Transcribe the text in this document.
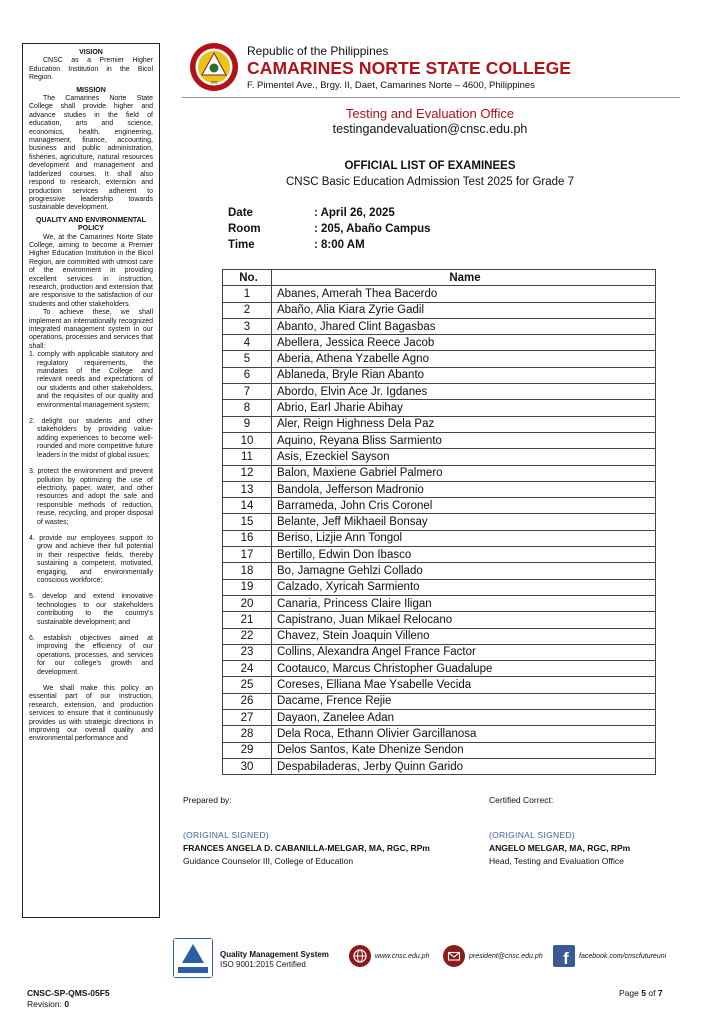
VISION

CNSC as a Premier Higher Education Institution in the Bicol Region.

MISSION

The Camarines Norte State College shall provide higher and advance studies in the field of education, arts and science, economics, health, engineering, management, finance, accounting, business and public administration, fisheries, agriculture, natural resources development and management and ladderized courses. It shall also respond to research, extension and production services adherent to progressive leadership towards sustainable development.

QUALITY AND ENVIRONMENTAL POLICY

We, at the Camarines Norte State College, aiming to become a Premier Higher Education Institution in the Bicol Region, are committed with utmost care of the environment in providing excellent services in instruction, research, production and extension that are responsive to the satisfaction of our students and other stakeholders.

To achieve these, we shall implement an internationally recognized integrated management system in our operations, processes and services that shall:

1. comply with applicable statutory and regulatory requirements, the mandates of the College and relevant needs and expectations of our students and other stakeholders, and the requisites of our quality and environmental management system;
2. delight our students and other stakeholders by providing value-adding experiences to become well-rounded and more competitive future leaders in the midst of global issues;
3. protect the environment and prevent pollution by optimizing the use of electricity, paper, water, and other resources and adopt the safe and responsible methods of reduction, reuse, recycling, and proper disposal of wastes;
4. provide our employees support to grow and achieve their full potential in their respective fields, thereby sustaining a competent, motivated, engaging, and environmentally conscious workforce;
5. develop and extend innovative technologies to our stakeholders contributing to the country's sustainable development; and
6. establish objectives aimed at improving the efficiency of our operations, processes, and services for our college's growth and development.

We shall make this policy an essential part of our instruction, research, extension, and production services to ensure that it continuously provides us with strategic directions in improving our overall quality and environmental performance and

1992
Republic of the Philippines
CAMARINES NORTE STATE COLLEGE
F. Pimentel Ave., Brgy. II, Daet, Camarines Norte – 4600, Philippines
Testing and Evaluation Office
testingandevaluation@cnsc.edu.ph
OFFICIAL LIST OF EXAMINEES
CNSC Basic Education Admission Test 2025 for Grade 7
Date	: April 26, 2025
Room	: 205, Abaño Campus
Time	: 8:00 AM
No.	Name
1	Abanes, Amerah Thea Bacerdo
2	Abaño, Alia Kiara Zyrie Gadil
3	Abanto, Jhared Clint Bagasbas
4	Abellera, Jessica Reece Jacob
5	Aberia, Athena Yzabelle Agno
6	Ablaneda, Bryle Rian Abanto
7	Abordo, Elvin Ace Jr. Igdanes
8	Abrio, Earl Jharie Abihay
9	Aler, Reign Highness Dela Paz
10	Aquino, Reyana Bliss Sarmiento
11	Asis, Ezeckiel Sayson
12	Balon, Maxiene Gabriel Palmero
13	Bandola, Jefferson Madronio
14	Barrameda, John Cris Coronel
15	Belante, Jeff Mikhaeil Bonsay
16	Beriso, Lizjie Ann Tongol
17	Bertillo, Edwin Don Ibasco
18	Bo, Jamagne Gehlzi Collado
19	Calzado, Xyricah Sarmiento
20	Canaria, Princess Claire Iligan
21	Capistrano, Juan Mikael Relocano
22	Chavez, Stein Joaquin Villeno
23	Collins, Alexandra Angel France Factor
24	Cootauco, Marcus Christopher Guadalupe
25	Coreses, Elliana Mae Ysabelle Vecida
26	Dacame, Frence Rejie
27	Dayaon, Zanelee Adan
28	Dela Roca, Ethann Olivier Garcillanosa
29	Delos Santos, Kate Dhenize Sendon
30	Despabiladeras, Jerby Quinn Garido
Prepared by:
(ORIGINAL SIGNED)
FRANCES ANGELA D. CABANILLA-MELGAR, MA, RGC, RPm
Guidance Counselor III, College of Education
Certified Correct:
(ORIGINAL SIGNED)
ANGELO MELGAR, MA, RGC, RPm
Head, Testing and Evaluation Office
Quality Management System
ISO 9001:2015 Certified
www.cnsc.edu.ph	president@cnsc.edu.ph f facebook.com/cnscfutureuni
CNSC-SP-QMS-05F5
Revision: 0
Page 5 of 7
